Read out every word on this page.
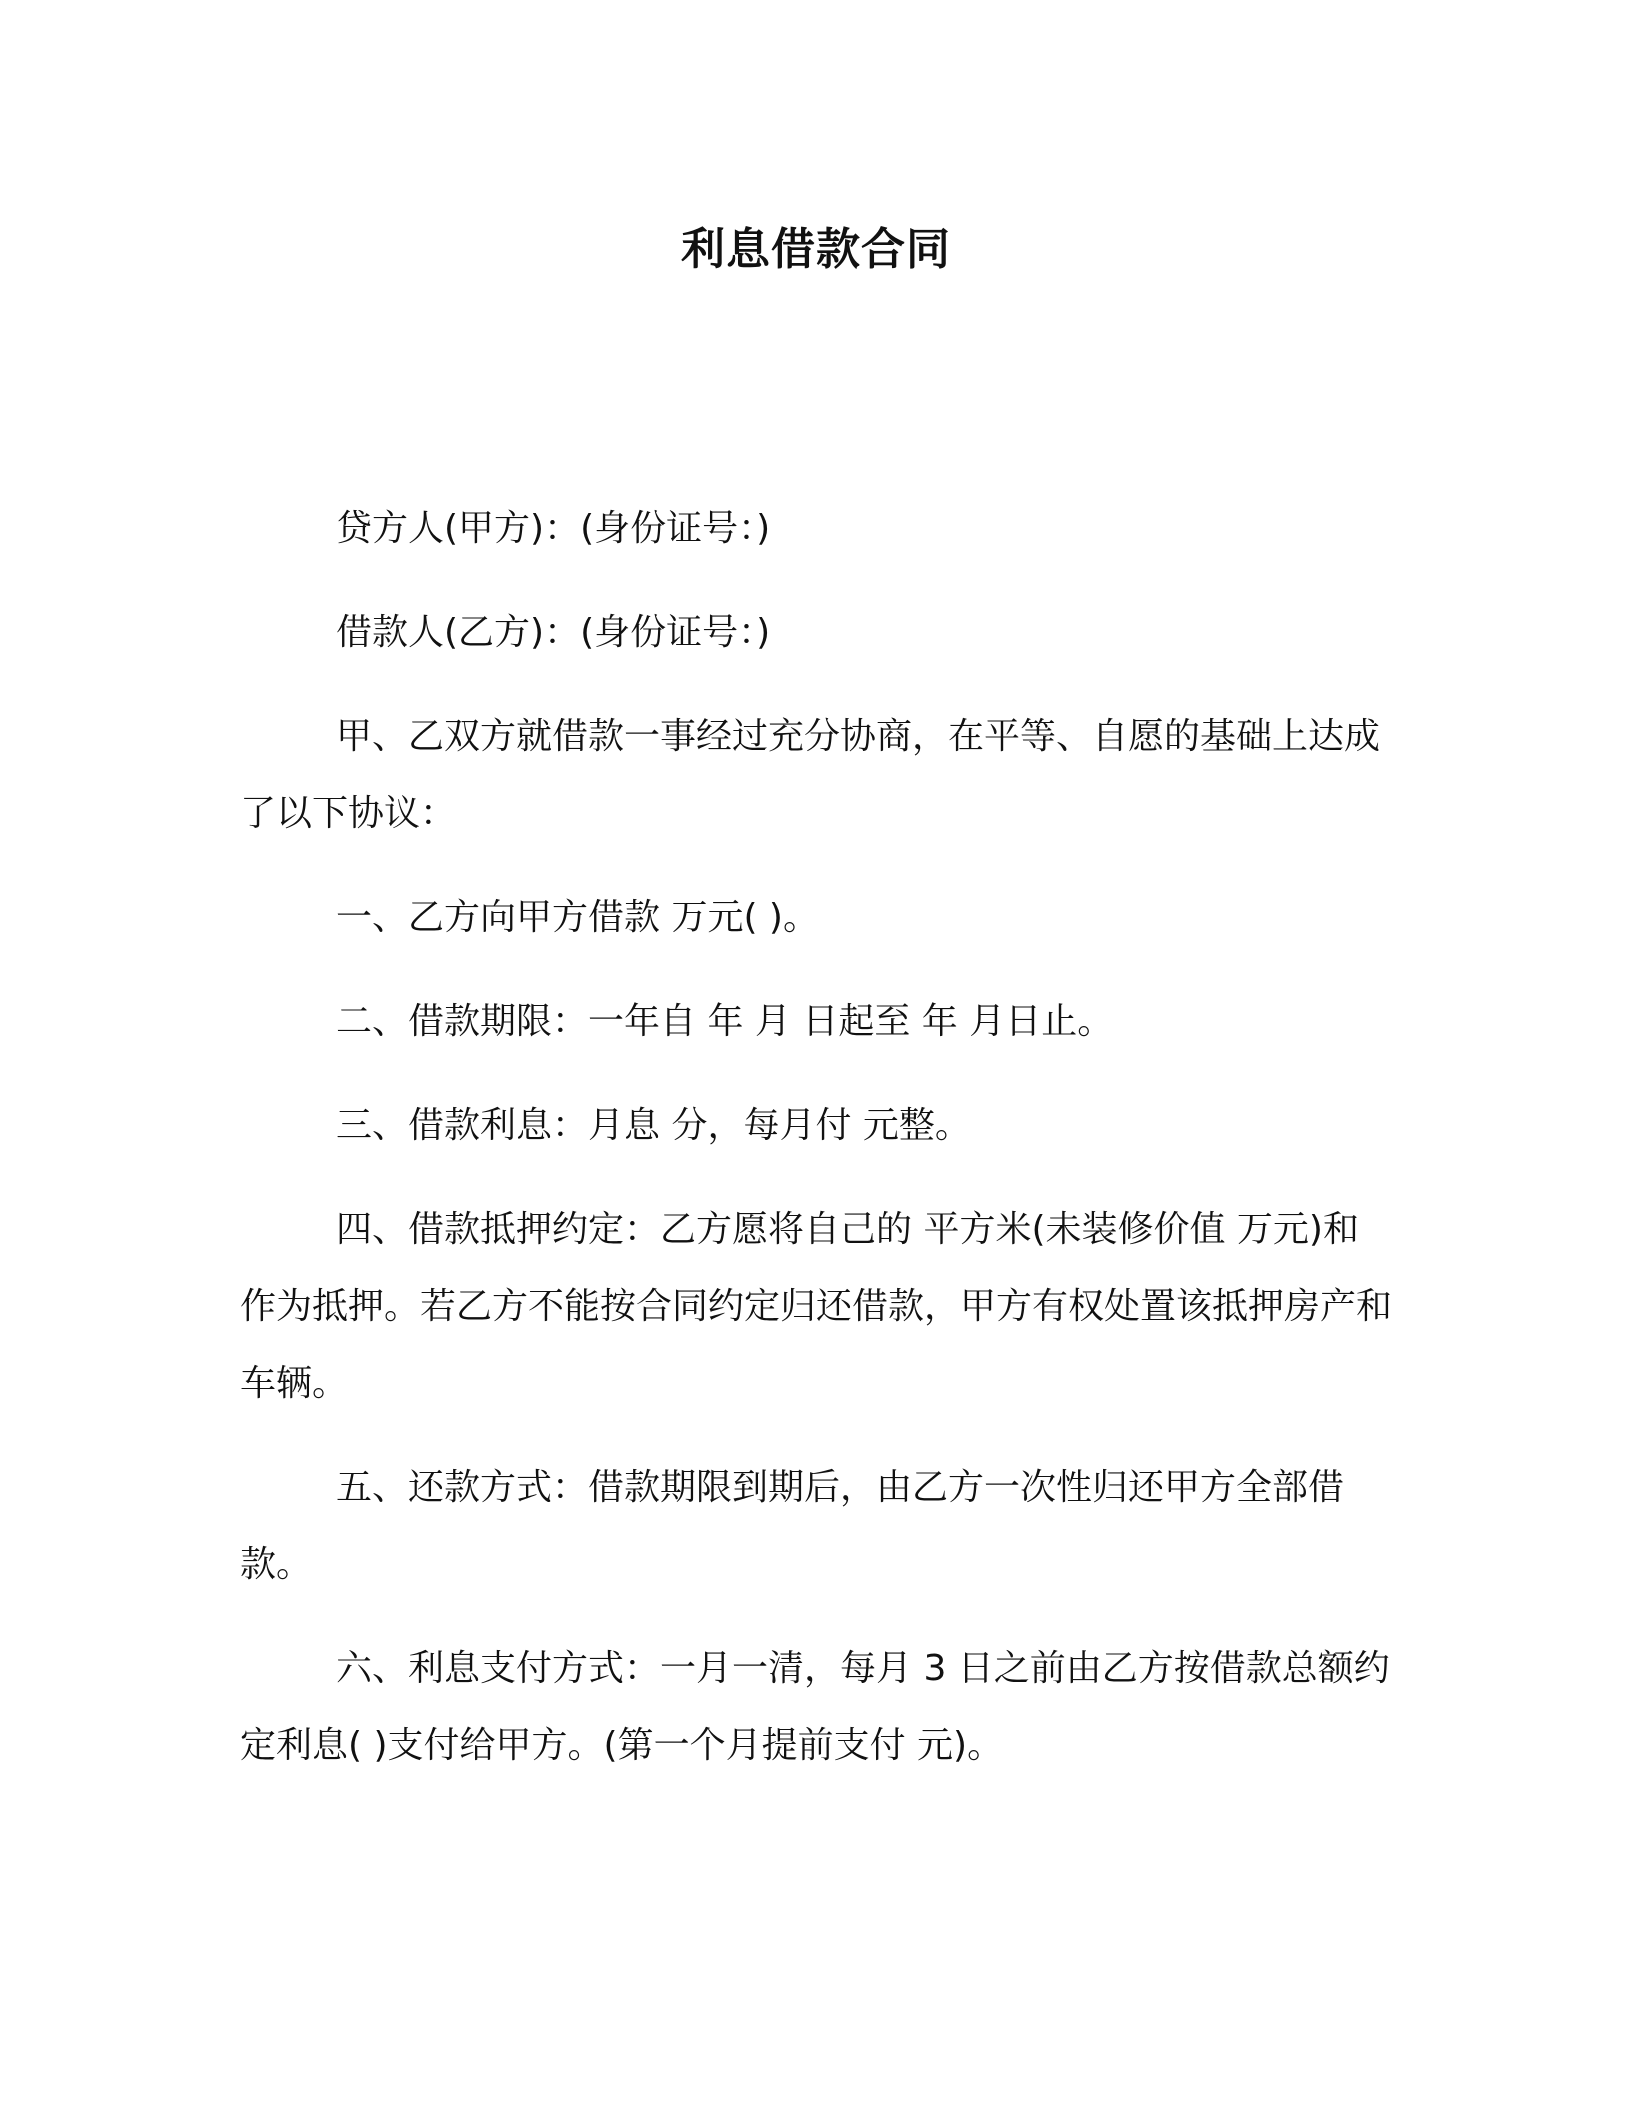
利息借款合同

贷方人(甲方)：(身份证号：)

借款人(乙方)：(身份证号：)

甲、乙双方就借款一事经过充分协商，在平等、自愿的基础上达成了以下协议：

一、乙方向甲方借款 万元( )。

二、借款期限：一年自 年 月 日起至 年 月日止。

三、借款利息：月息 分，每月付 元整。

四、借款抵押约定：乙方愿将自己的 平方米(未装修价值 万元)和作为抵押。若乙方不能按合同约定归还借款，甲方有权处置该抵押房产和车辆。

五、还款方式：借款期限到期后，由乙方一次性归还甲方全部借款。

六、利息支付方式：一月一清，每月 3 日之前由乙方按借款总额约定利息( )支付给甲方。(第一个月提前支付 元)。
